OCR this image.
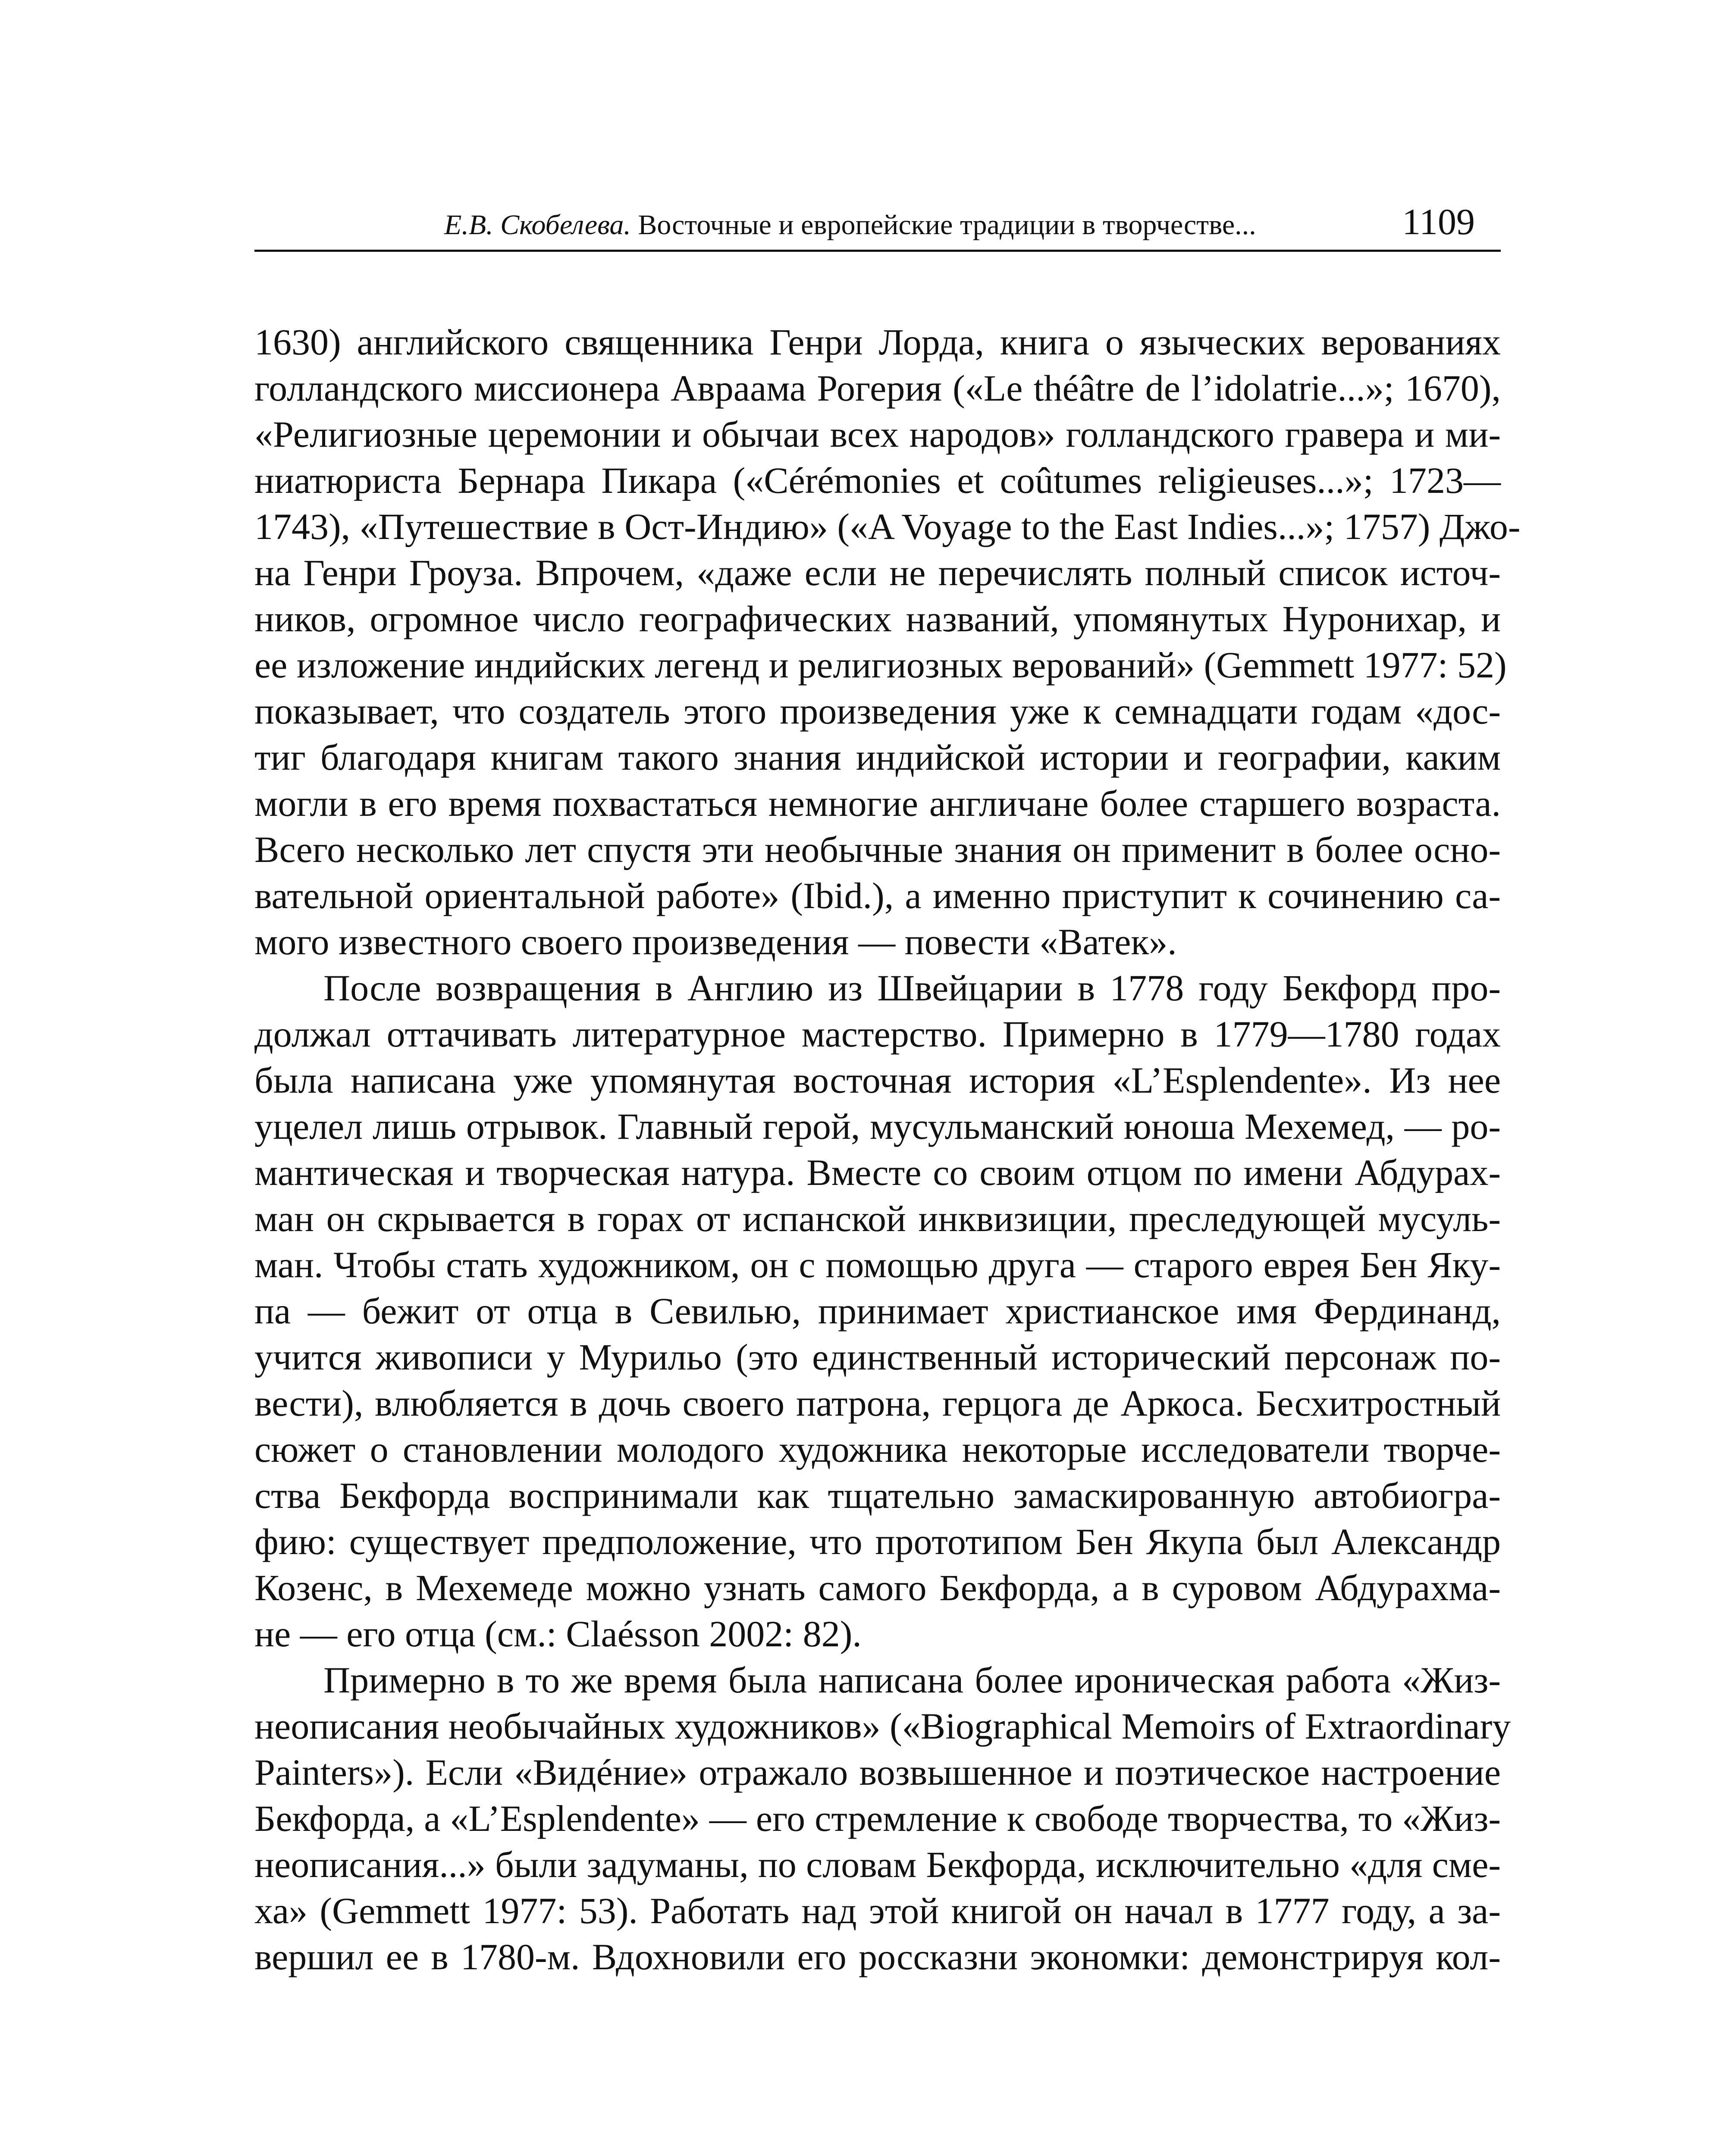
Е.В. Скобелева. Восточные и европейские традиции в творчестве...	1109
1630) английского священника Генри Лорда, книга о языческих верованиях
голландского миссионера Авраама Рогерия («Le théâtre de l’idolatrie...»; 1670),
«Религиозные церемонии и обычаи всех народов» голландского гравера и ми-
ниатюриста Бернара Пикара («Cérémonies et coûtumes religieuses...»; 1723—
1743), «Путешествие в Ост-Индию» («A Voyage to the East Indies...»; 1757) Джо-
на Генри Гроуза. Впрочем, «даже если не перечислять полный список источ-
ников, огромное число географических названий, упомянутых Нуронихар, и
ее изложение индийских легенд и религиозных верований» (Gemmett 1977: 52)
показывает, что создатель этого произведения уже к семнадцати годам «дос-
тиг благодаря книгам такого знания индийской истории и географии, каким
могли в его время похвастаться немногие англичане более старшего возраста.
Всего несколько лет спустя эти необычные знания он применит в более осно-
вательной ориентальной работе» (Ibid.), а именно приступит к сочинению са-
мого известного своего произведения — повести «Ватек».
После возвращения в Англию из Швейцарии в 1778 году Бекфорд про-
должал оттачивать литературное мастерство. Примерно в 1779—1780 годах
была написана уже упомянутая восточная история «L’Esplendente». Из нее
уцелел лишь отрывок. Главный герой, мусульманский юноша Мехемед, — ро-
мантическая и творческая натура. Вместе со своим отцом по имени Абдурах-
ман он скрывается в горах от испанской инквизиции, преследующей мусуль-
ман. Чтобы стать художником, он с помощью друга — старого еврея Бен Яку-
па — бежит от отца в Севилью, принимает христианское имя Фердинанд,
учится живописи у Мурильо (это единственный исторический персонаж по-
вести), влюбляется в дочь своего патрона, герцога де Аркоса. Бесхитростный
сюжет о становлении молодого художника некоторые исследователи творче-
ства Бекфорда воспринимали как тщательно замаскированную автобиогра-
фию: существует предположение, что прототипом Бен Якупа был Александр
Козенс, в Мехемеде можно узнать самого Бекфорда, а в суровом Абдурахма-
не — его отца (см.: Claésson 2002: 82).
Примерно в то же время была написана более ироническая работа «Жиз-
неописания необычайных художников» («Biographical Memoirs of Extraordinary
Painters»). Если «Видéние» отражало возвышенное и поэтическое настроение
Бекфорда, а «L’Esplendente» — его стремление к свободе творчества, то «Жиз-
неописания...» были задуманы, по словам Бекфорда, исключительно «для сме-
ха» (Gemmett 1977: 53). Работать над этой книгой он начал в 1777 году, а за-
вершил ее в 1780-м. Вдохновили его россказни экономки: демонстрируя кол-
